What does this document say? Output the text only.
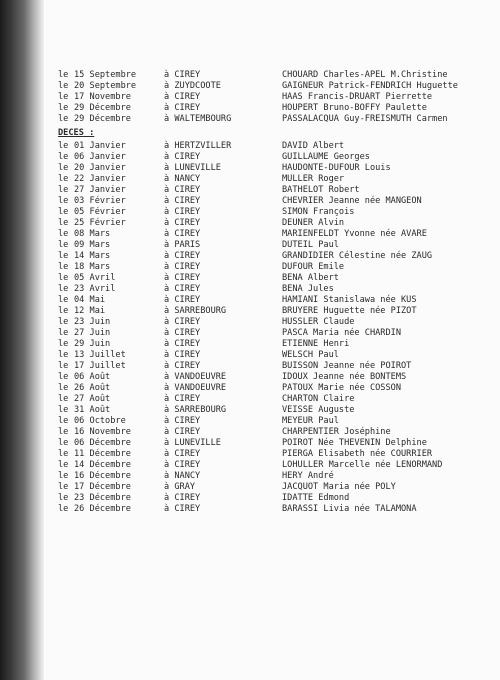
le 15 Septembre	à CIREY	CHOUARD Charles-APEL M.Christine
le 20 Septembre	à ZUYDCOOTE	GAIGNEUR Patrick-FENDRICH Huguette
le 17 Novembre	à CIREY	HAAS Francis-DRUART Pierrette
le 29 Décembre	à CIREY	HOUPERT Bruno-BOFFY Paulette
le 29 Décembre	à WALTEMBOURG	PASSALACQUA Guy-FREISMUTH Carmen
DECES :
le 01 Janvier	à HERTZVILLER	DAVID Albert
le 06 Janvier	à CIREY	GUILLAUME Georges
le 20 Janvier	à LUNEVILLE	HAUDONTE-DUFOUR Louis
le 22 Janvier	à NANCY	MULLER Roger
le 27 Janvier	à CIREY	BATHELOT Robert
le 03 Février	à CIREY	CHEVRIER Jeanne née MANGEON
le 05 Février	à CIREY	SIMON François
le 25 Février	à CIREY	DEUNER Alvin
le 08 Mars	à CIREY	MARIENFELDT Yvonne née AVARE
le 09 Mars	à PARIS	DUTEIL Paul
le 14 Mars	à CIREY	GRANDIDIER Célestine née ZAUG
le 18 Mars	à CIREY	DUFOUR Emile
le 05 Avril	à CIREY	BENA Albert
le 23 Avril	à CIREY	BENA Jules
le 04 Mai	à CIREY	HAMIANI Stanislawa née KUS
le 12 Mai	à SARREBOURG	BRUYERE Huguette née PIZOT
le 23 Juin	à CIREY	HUSSLER Claude
le 27 Juin	à CIREY	PASCA Maria née CHARDIN
le 29 Juin	à CIREY	ETIENNE Henri
le 13 Juillet	à CIREY	WELSCH Paul
le 17 Juillet	à CIREY	BUISSON Jeanne née POIROT
le 06 Août	à VANDOEUVRE	IDOUX Jeanne née BONTEMS
le 26 Août	à VANDOEUVRE	PATOUX Marie née COSSON
le 27 Août	à CIREY	CHARTON Claire
le 31 Août	à SARREBOURG	VEISSE Auguste
le 06 Octobre	à CIREY	MEYEUR Paul
le 16 Novembre	à CIREY	CHARPENTIER Joséphine
le 06 Décembre	à LUNEVILLE	POIROT Née THEVENIN Delphine
le 11 Décembre	à CIREY	PIERGA Elisabeth née COURRIER
le 14 Décembre	à CIREY	LOHULLER Marcelle née LENORMAND
le 16 Décembre	à NANCY	HERY André
le 17 Décembre	à GRAY	JACQUOT Maria née POLY
le 23 Décembre	à CIREY	IDATTE Edmond
le 26 Décembre	à CIREY	BARASSI Livia née TALAMONA
